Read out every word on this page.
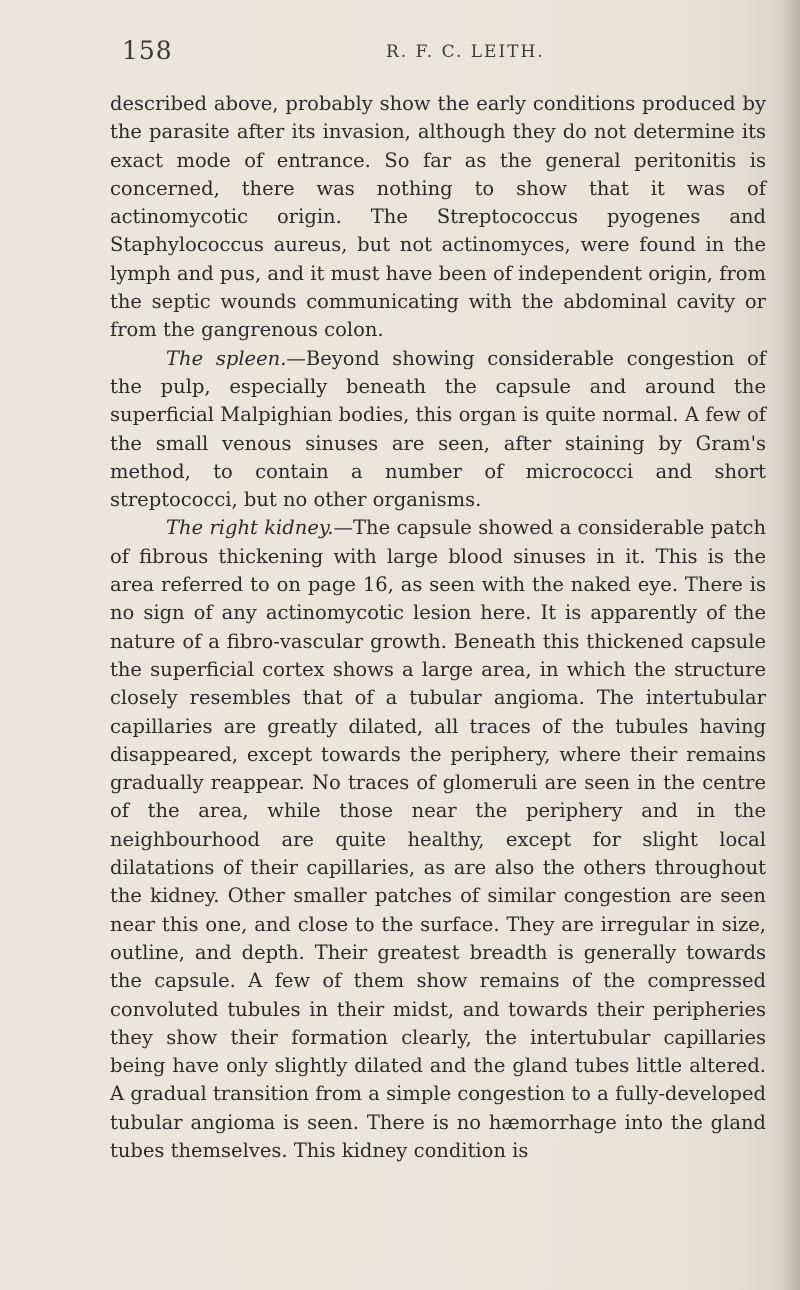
158	R. F. C. LEITH.

described above, probably show the early conditions produced by the parasite after its invasion, although they do not determine its exact mode of entrance. So far as the general peritonitis is concerned, there was nothing to show that it was of actinomycotic origin. The Streptococcus pyogenes and Staphylococcus aureus, but not actinomyces, were found in the lymph and pus, and it must have been of independent origin, from the septic wounds communicating with the abdominal cavity or from the gangrenous colon.

The spleen.—Beyond showing considerable congestion of the pulp, especially beneath the capsule and around the superficial Malpighian bodies, this organ is quite normal. A few of the small venous sinuses are seen, after staining by Gram's method, to contain a number of micrococci and short streptococci, but no other organisms.

The right kidney.—The capsule showed a considerable patch of fibrous thickening with large blood sinuses in it. This is the area referred to on page 16, as seen with the naked eye. There is no sign of any actinomycotic lesion here. It is apparently of the nature of a fibro-vascular growth. Beneath this thickened capsule the superficial cortex shows a large area, in which the structure closely resembles that of a tubular angioma. The intertubular capillaries are greatly dilated, all traces of the tubules having disappeared, except towards the periphery, where their remains gradually reappear. No traces of glomeruli are seen in the centre of the area, while those near the periphery and in the neighbourhood are quite healthy, except for slight local dilatations of their capillaries, as are also the others throughout the kidney. Other smaller patches of similar congestion are seen near this one, and close to the surface. They are irregular in size, outline, and depth. Their greatest breadth is generally towards the capsule. A few of them show remains of the compressed convoluted tubules in their midst, and towards their peripheries they show their formation clearly, the intertubular capillaries being have only slightly dilated and the gland tubes little altered. A gradual transition from a simple congestion to a fully-developed tubular angioma is seen. There is no hæmorrhage into the gland tubes themselves. This kidney condition is
